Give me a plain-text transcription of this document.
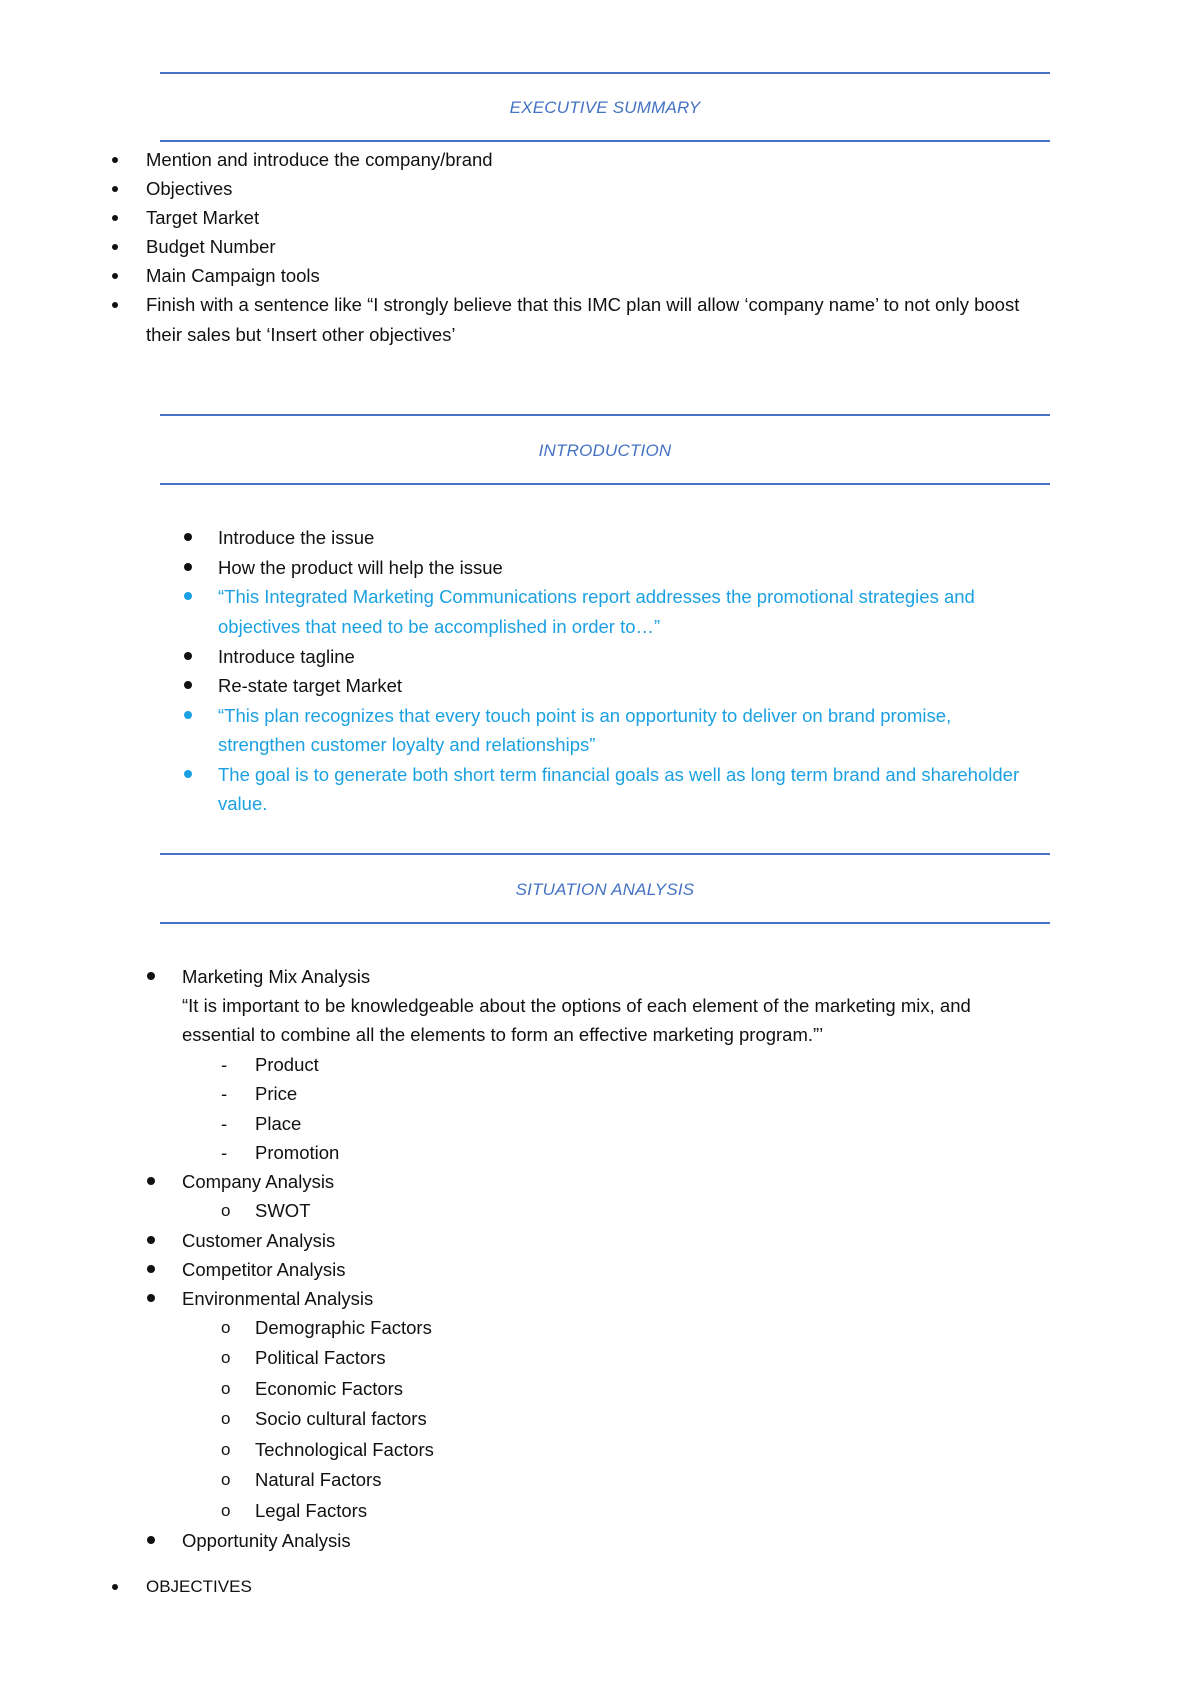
EXECUTIVE SUMMARY
Mention and introduce the company/brand
Objectives
Target Market
Budget Number
Main Campaign tools
Finish with a sentence like “I strongly believe that this IMC plan will allow ‘company name’ to not only boost
their sales but ‘Insert other objectives’
INTRODUCTION
Introduce the issue
How the product will help the issue
“This Integrated Marketing Communications report addresses the promotional strategies and
objectives that need to be accomplished in order to…”
Introduce tagline
Re-state target Market
“This plan recognizes that every touch point is an opportunity to deliver on brand promise,
strengthen customer loyalty and relationships”
The goal is to generate both short term financial goals as well as long term brand and shareholder
value.
SITUATION ANALYSIS
Marketing Mix Analysis
“It is important to be knowledgeable about the options of each element of the marketing mix, and
essential to combine all the elements to form an effective marketing program.”’
- Product
- Price
- Place
- Promotion
Company Analysis
o SWOT
Customer Analysis
Competitor Analysis
Environmental Analysis
o Demographic Factors
o Political Factors
o Economic Factors
o Socio cultural factors
o Technological Factors
o Natural Factors
o Legal Factors
Opportunity Analysis
OBJECTIVES
